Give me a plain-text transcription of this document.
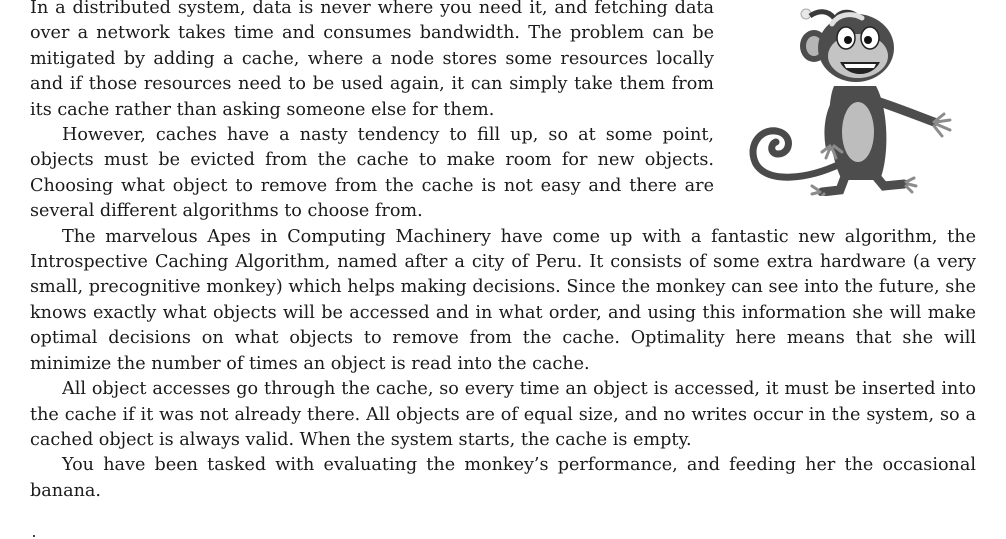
In a distributed system, data is never where you need it, and fetching data over a network takes time and consumes bandwidth. The problem can be mitigated by adding a cache, where a node stores some resources locally and if those resources need to be used again, it can simply take them from its cache rather than asking someone else for them.

However, caches have a nasty tendency to fill up, so at some point, objects must be evicted from the cache to make room for new objects. Choosing what object to remove from the cache is not easy and there are several different algorithms to choose from.

The marvelous Apes in Computing Machinery have come up with a fantastic new algorithm, the Introspective Caching Algorithm, named after a city of Peru. It consists of some extra hardware (a very small, precognitive monkey) which helps making decisions. Since the monkey can see into the future, she knows exactly what objects will be accessed and in what order, and using this information she will make optimal decisions on what objects to remove from the cache. Optimality here means that she will minimize the number of times an object is read into the cache.

All object accesses go through the cache, so every time an object is accessed, it must be inserted into the cache if it was not already there. All objects are of equal size, and no writes occur in the system, so a cached object is always valid. When the system starts, the cache is empty.

You have been tasked with evaluating the monkey’s performance, and feeding her the occasional banana.
